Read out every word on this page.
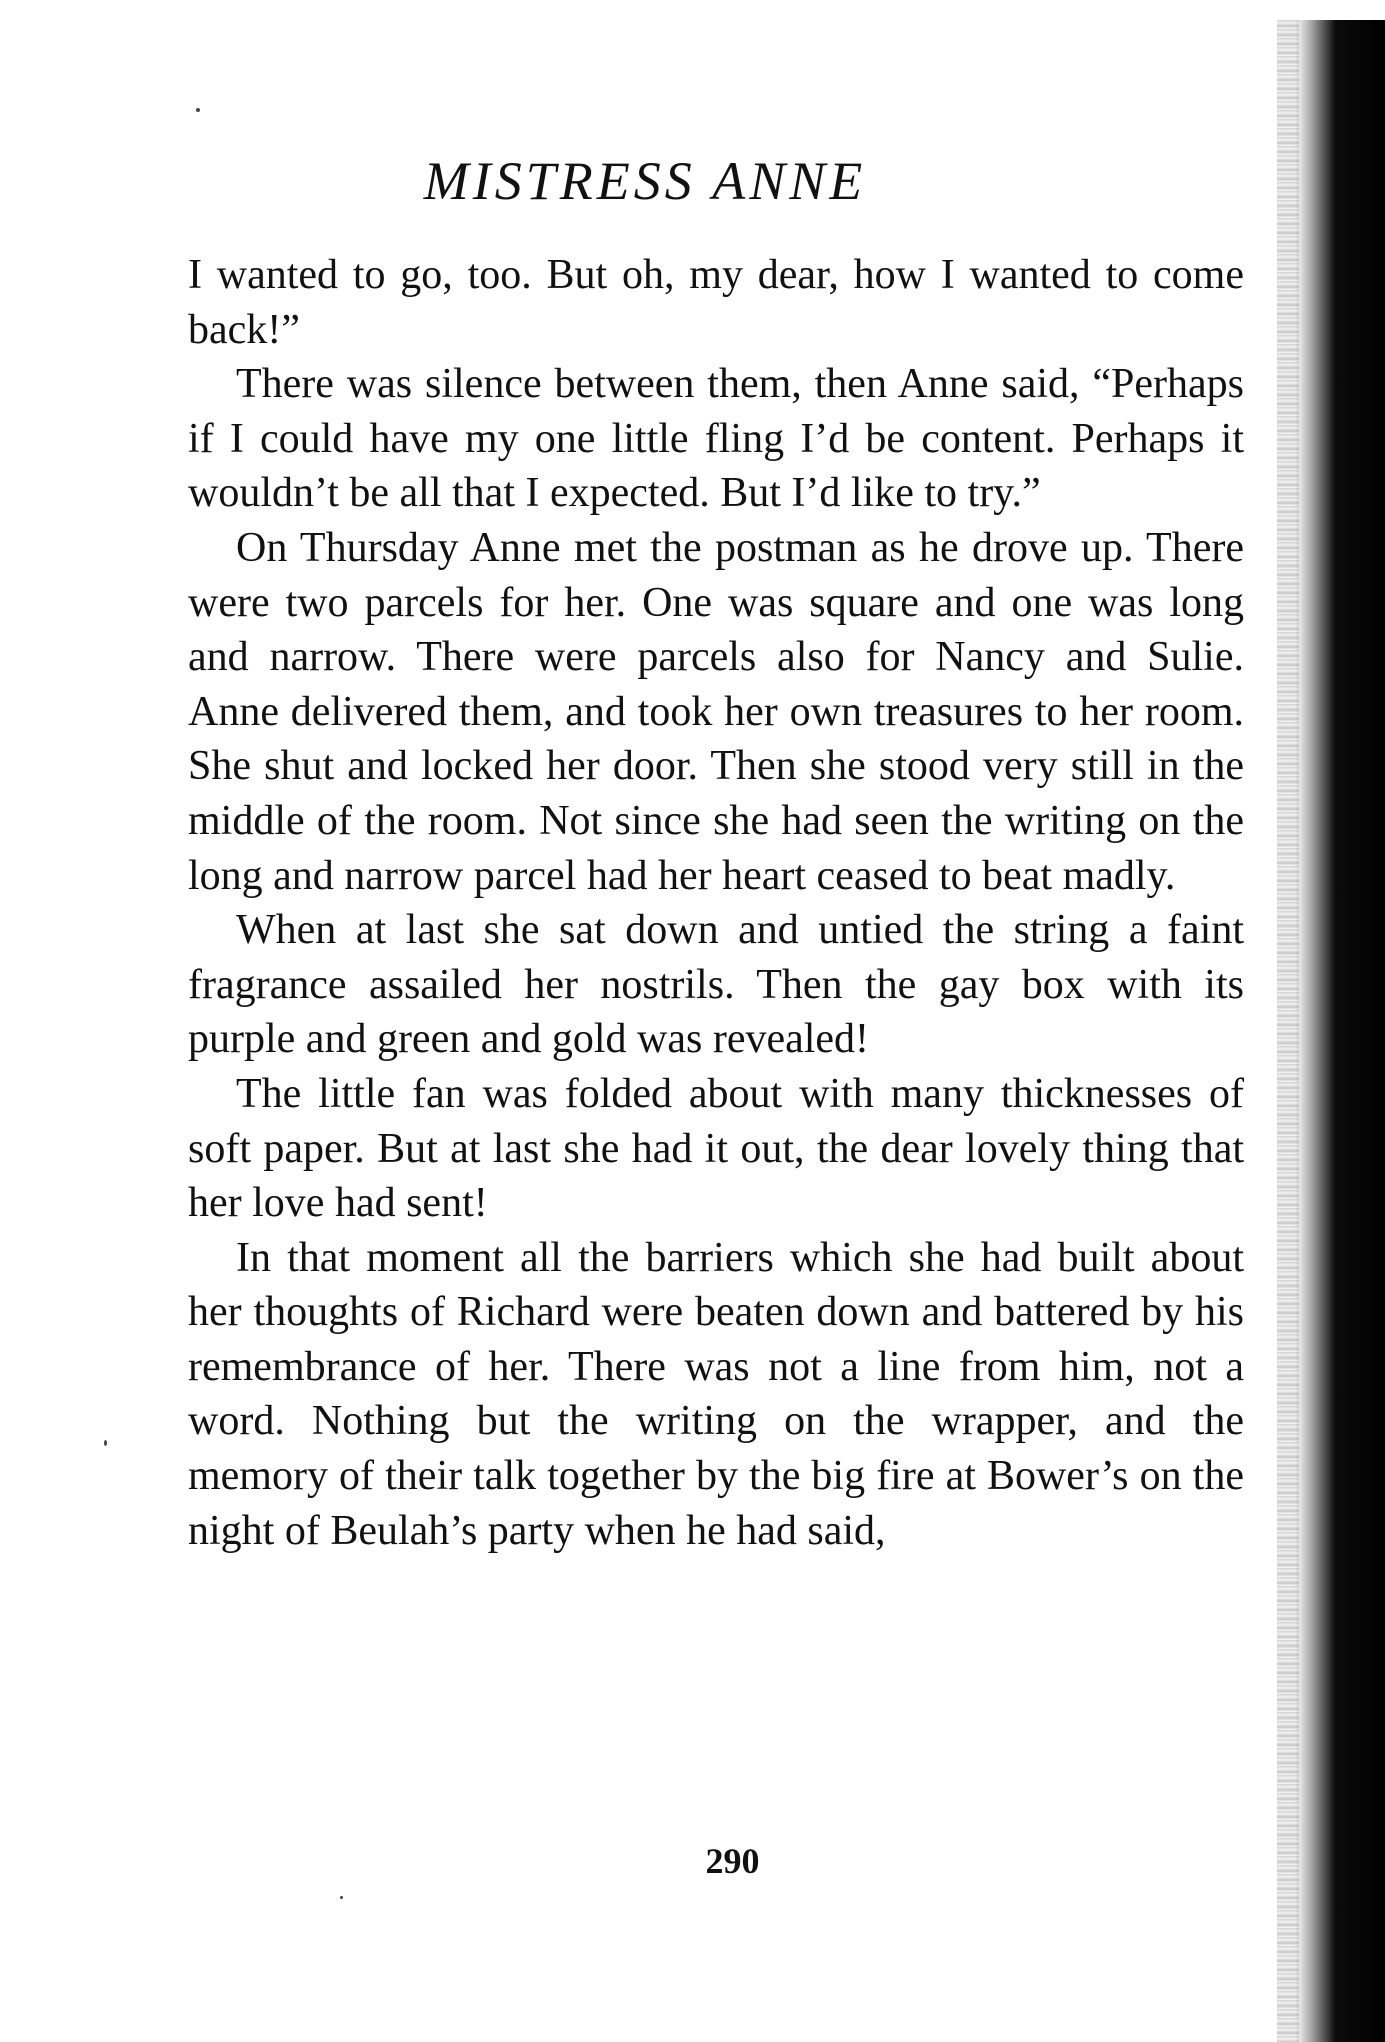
MISTRESS ANNE

I wanted to go, too. But oh, my dear, how I wanted to come back!”

There was silence between them, then Anne said, “Perhaps if I could have my one little fling I’d be content. Perhaps it wouldn’t be all that I expected. But I’d like to try.”

On Thursday Anne met the postman as he drove up. There were two parcels for her. One was square and one was long and narrow. There were parcels also for Nancy and Sulie. Anne delivered them, and took her own treasures to her room. She shut and locked her door. Then she stood very still in the middle of the room. Not since she had seen the writing on the long and narrow parcel had her heart ceased to beat madly.

When at last she sat down and untied the string a faint fragrance assailed her nostrils. Then the gay box with its purple and green and gold was revealed!

The little fan was folded about with many thicknesses of soft paper. But at last she had it out, the dear lovely thing that her love had sent!

In that moment all the barriers which she had built about her thoughts of Richard were beaten down and battered by his remembrance of her. There was not a line from him, not a word. Nothing but the writing on the wrapper, and the memory of their talk together by the big fire at Bower’s on the night of Beulah’s party when he had said,

290
